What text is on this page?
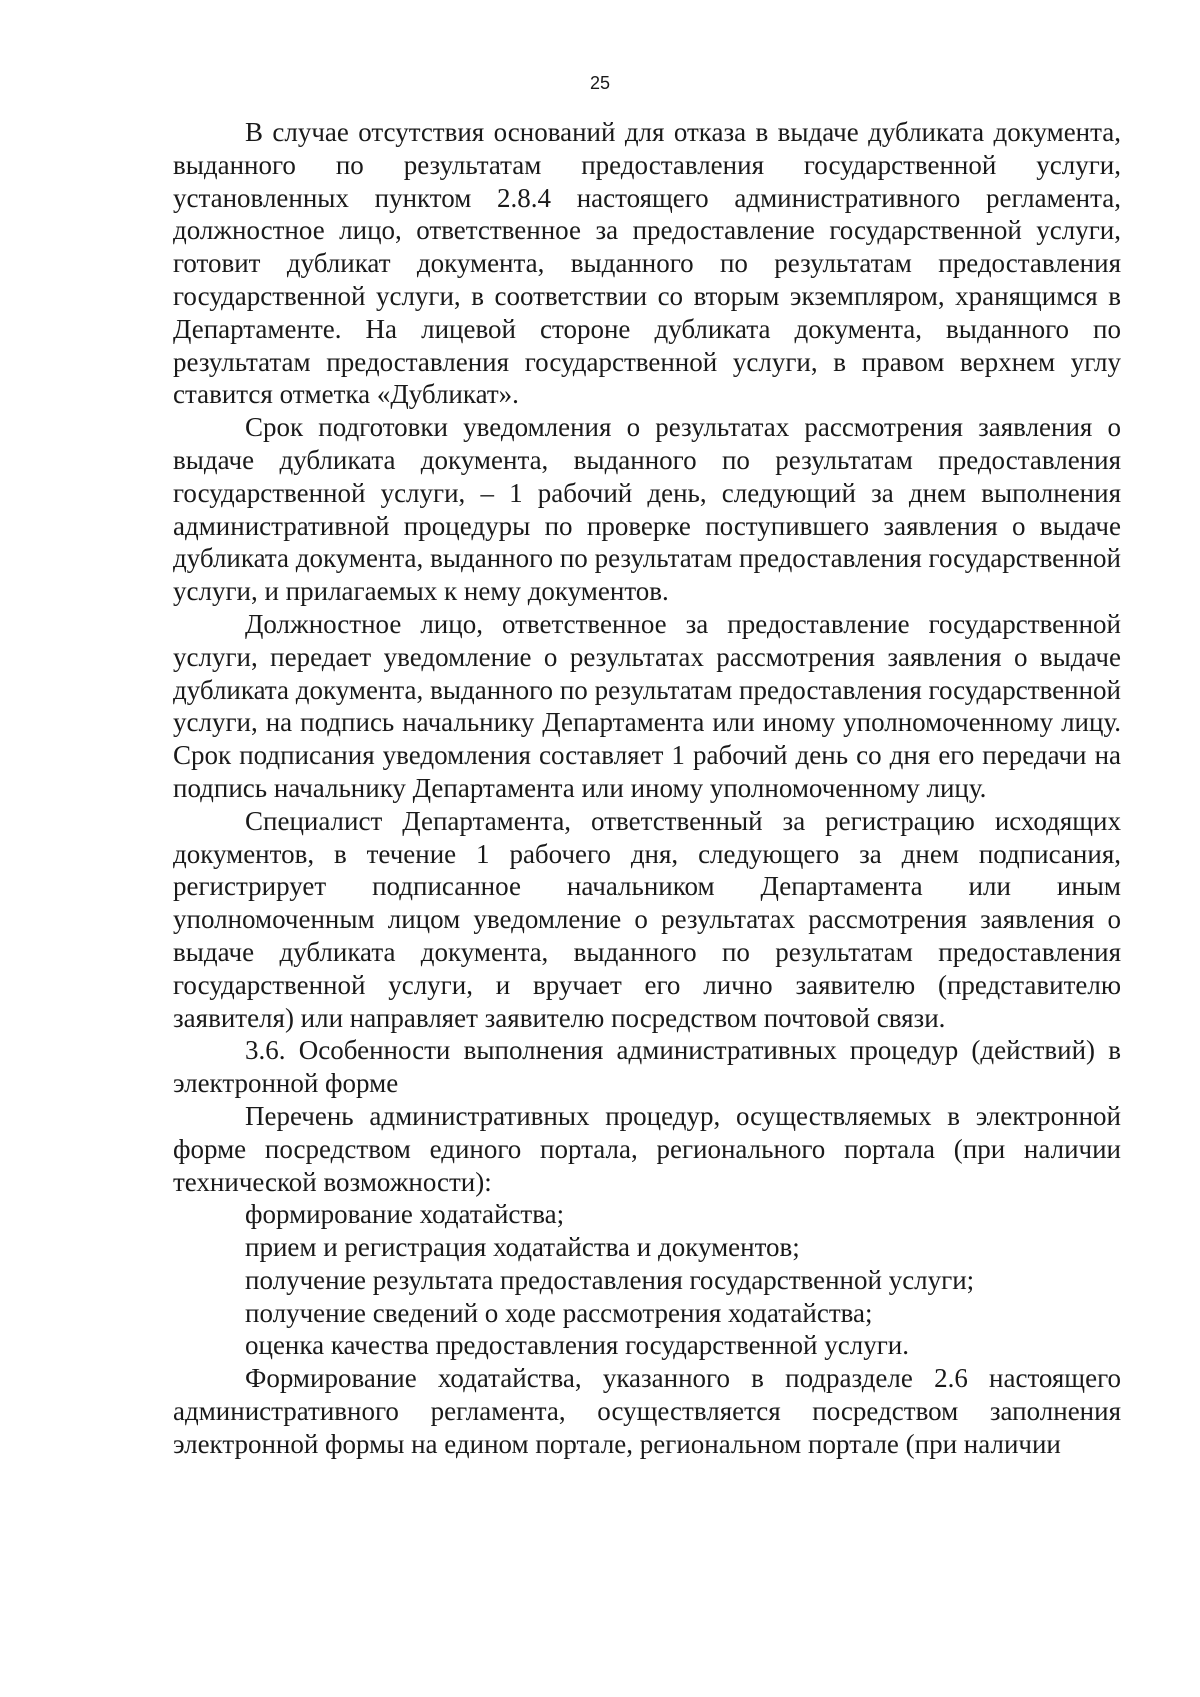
25

В случае отсутствия оснований для отказа в выдаче дубликата документа, выданного по результатам предоставления государственной услуги, установленных пунктом 2.8.4 настоящего административного регламента, должностное лицо, ответственное за предоставление государственной услуги, готовит дубликат документа, выданного по результатам предоставления государственной услуги, в соответствии со вторым экземпляром, хранящимся в Департаменте. На лицевой стороне дубликата документа, выданного по результатам предоставления государственной услуги, в правом верхнем углу ставится отметка «Дубликат».

Срок подготовки уведомления о результатах рассмотрения заявления о выдаче дубликата документа, выданного по результатам предоставления государственной услуги, – 1 рабочий день, следующий за днем выполнения административной процедуры по проверке поступившего заявления о выдаче дубликата документа, выданного по результатам предоставления государственной услуги, и прилагаемых к нему документов.

Должностное лицо, ответственное за предоставление государственной услуги, передает уведомление о результатах рассмотрения заявления о выдаче дубликата документа, выданного по результатам предоставления государственной услуги, на подпись начальнику Департамента или иному уполномоченному лицу. Срок подписания уведомления составляет 1 рабочий день со дня его передачи на подпись начальнику Департамента или иному уполномоченному лицу.

Специалист Департамента, ответственный за регистрацию исходящих документов, в течение 1 рабочего дня, следующего за днем подписания, регистрирует подписанное начальником Департамента или иным уполномоченным лицом уведомление о результатах рассмотрения заявления о выдаче дубликата документа, выданного по результатам предоставления государственной услуги, и вручает его лично заявителю (представителю заявителя) или направляет заявителю посредством почтовой связи.

3.6. Особенности выполнения административных процедур (действий) в электронной форме

Перечень административных процедур, осуществляемых в электронной форме посредством единого портала, регионального портала (при наличии технической возможности):

формирование ходатайства;

прием и регистрация ходатайства и документов;

получение результата предоставления государственной услуги;

получение сведений о ходе рассмотрения ходатайства;

оценка качества предоставления государственной услуги.

Формирование ходатайства, указанного в подразделе 2.6 настоящего административного регламента, осуществляется посредством заполнения электронной формы на едином портале, региональном портале (при наличии
